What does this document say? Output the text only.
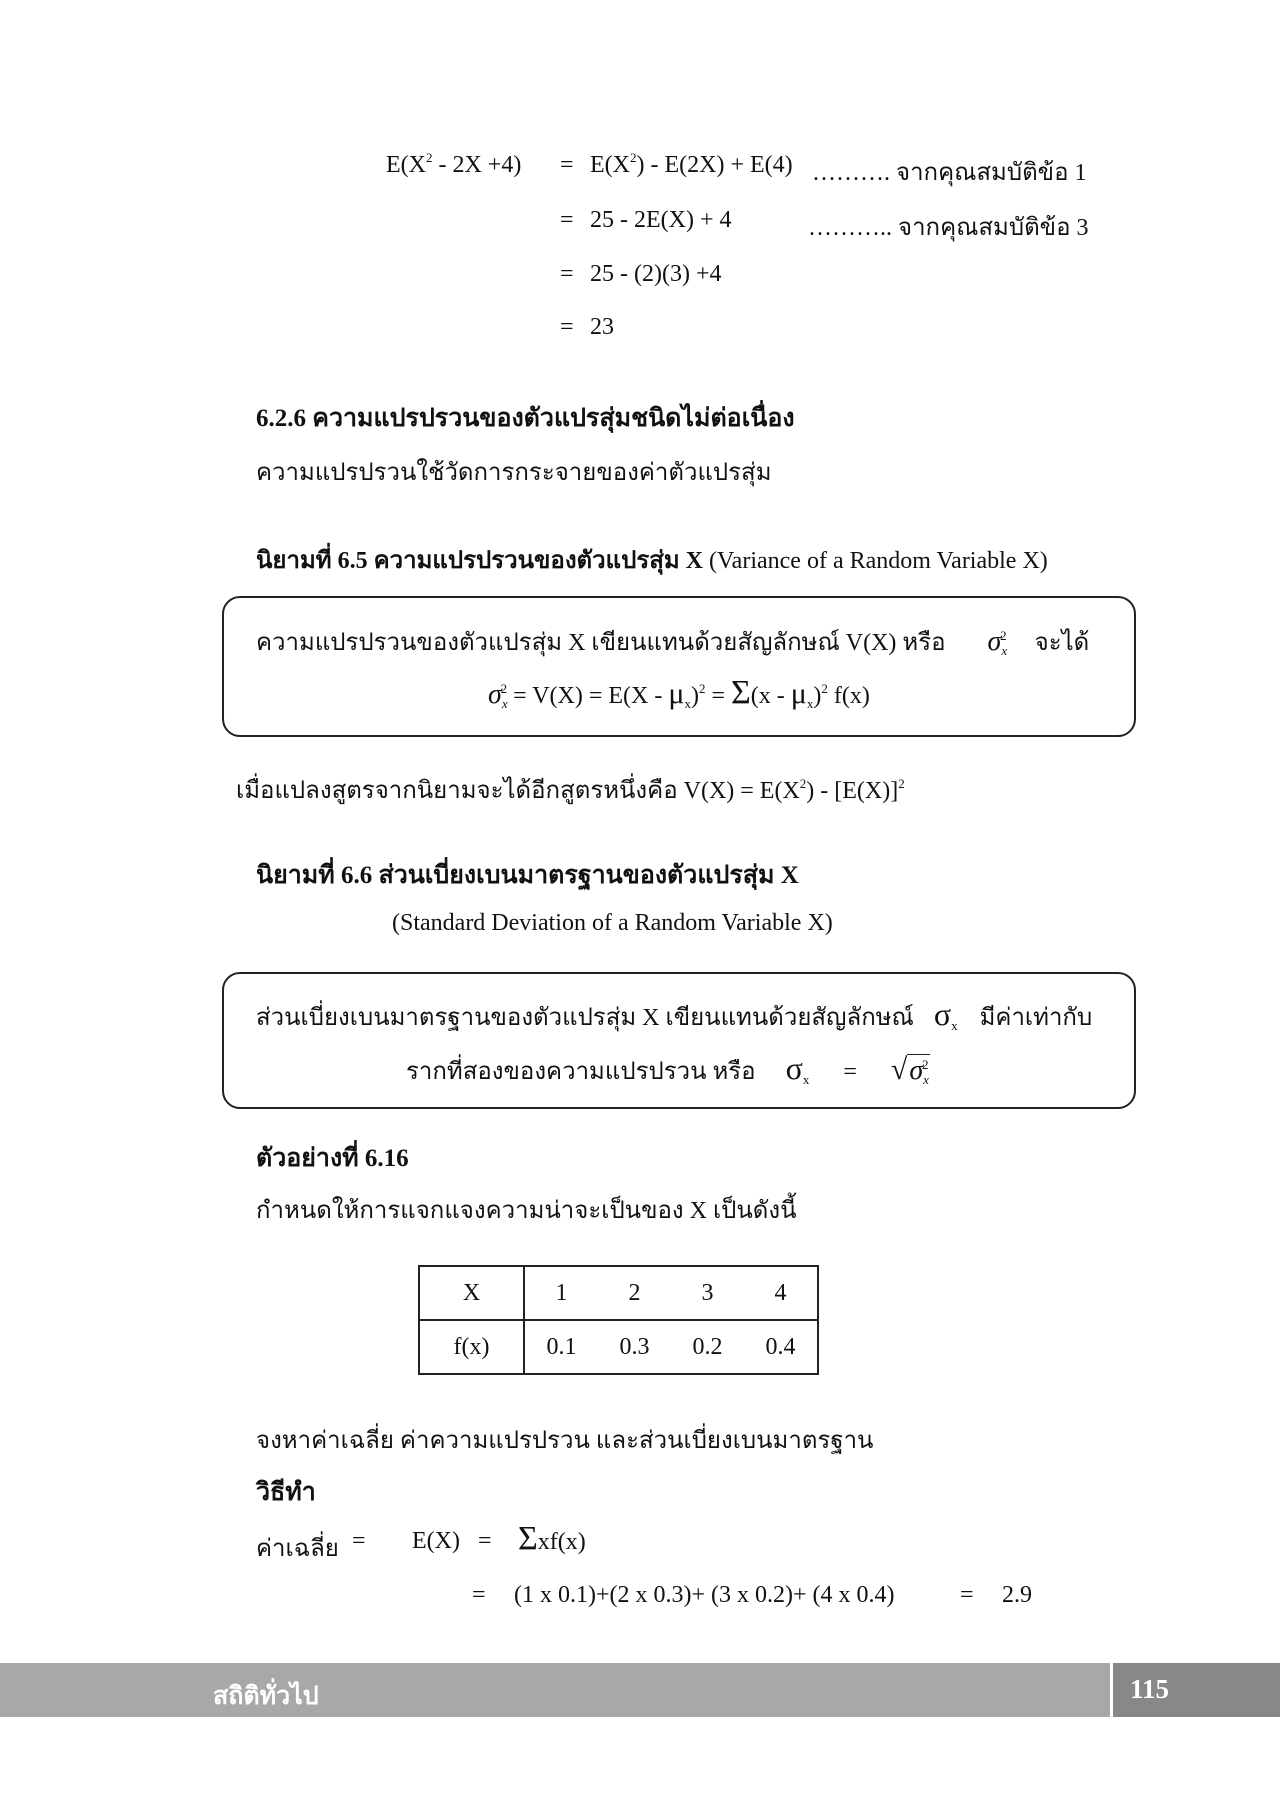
$E(X^2 - 2X +4) = E(X^2) - E(2X) + E(4)$ ………. จากคุณสมบัติข้อ 1
= 25 - 2E(X) + 4	……….. จากคุณสมบัติข้อ 3
= 25 - (2)(3) +4
= 23
6.2.6 ความแปรปรวนของตัวแปรสุ่มชนิดไม่ต่อเนื่อง
ความแปรปรวนใช้วัดการกระจายของค่าตัวแปรสุ่ม
นิยามที่ 6.5 ความแปรปรวนของตัวแปรสุ่ม X (Variance of a Random Variable X)
ความแปรปรวนของตัวแปรสุ่ม X เขียนแทนด้วยสัญลักษณ์ V(X) หรือ $\sigma_x^2$ จะได้
$\sigma_x^2 = V(X) = E(X - \mu_x)^2 = \Sigma(x - \mu_x)^2$ f(x)
เมื่อแปลงสูตรจากนิยามจะได้อีกสูตรหนึ่งคือ $V(X) = E(X^2) - [E(X)]^2$
นิยามที่ 6.6 ส่วนเบี่ยงเบนมาตรฐานของตัวแปรสุ่ม X
(Standard Deviation of a Random Variable X)
ส่วนเบี่ยงเบนมาตรฐานของตัวแปรสุ่ม X เขียนแทนด้วยสัญลักษณ์ $\sigma_x$ มีค่าเท่ากับ
รากที่สองของความแปรปรวน หรือ $\sigma_x = √\sigma_x^2$
ตัวอย่างที่ 6.16
กำหนดให้การแจกแจงความน่าจะเป็นของ X เป็นดังนี้
X	1	2	3	4
f(x)	0.1	0.3	0.2	0.4
จงหาค่าเฉลี่ย ค่าความแปรปรวน และส่วนเบี่ยงเบนมาตรฐาน
วิธีทำ
ค่าเฉลี่ย = E(X) = Σxf(x)
= (1 x 0.1)+(2 x 0.3)+ (3 x 0.2)+ (4 x 0.4)	= 2.9
สถิติทั่วไป	115
